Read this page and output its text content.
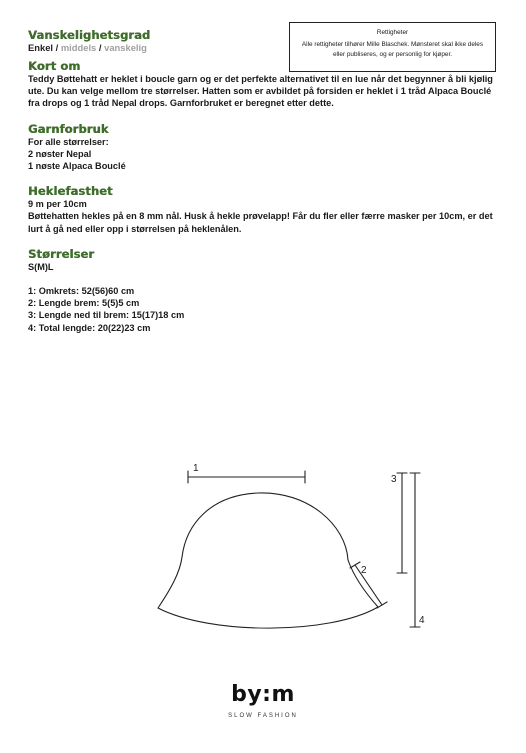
Rettigheter
Alle rettigheter tilhører Mille Blaschek. Mønsteret skal ikke deles eller publiseres, og er personlig for kjøper.
Vanskelighetsgrad
Enkel / middels / vanskelig
Kort om

Teddy Bøttehatt er heklet i boucle garn og er det perfekte alternativet til en lue når det begynner å bli kjølig ute. Du kan velge mellom tre størrelser. Hatten som er avbildet på forsiden er heklet i 1 tråd Alpaca Bouclé fra drops og 1 tråd Nepal drops. Garnforbruket er beregnet etter dette.

Garnforbruk

For alle størrelser:

2 nøster Nepal

1 nøste Alpaca Bouclé

Heklefasthet

9 m per 10cm

Bøttehatten hekles på en 8 mm nål. Husk å hekle prøvelapp! Får du fler eller færre masker per 10cm, er det lurt å gå ned eller opp i størrelsen på heklenålen.

Størrelser

S(M)L

1: Omkrets: 52(56)60 cm

2: Lengde brem: 5(5)5 cm

3: Lengde ned til brem: 15(17)18 cm

4: Total lengde: 20(22)23 cm

1
2
3
4
by:m
SLOW FASHION
